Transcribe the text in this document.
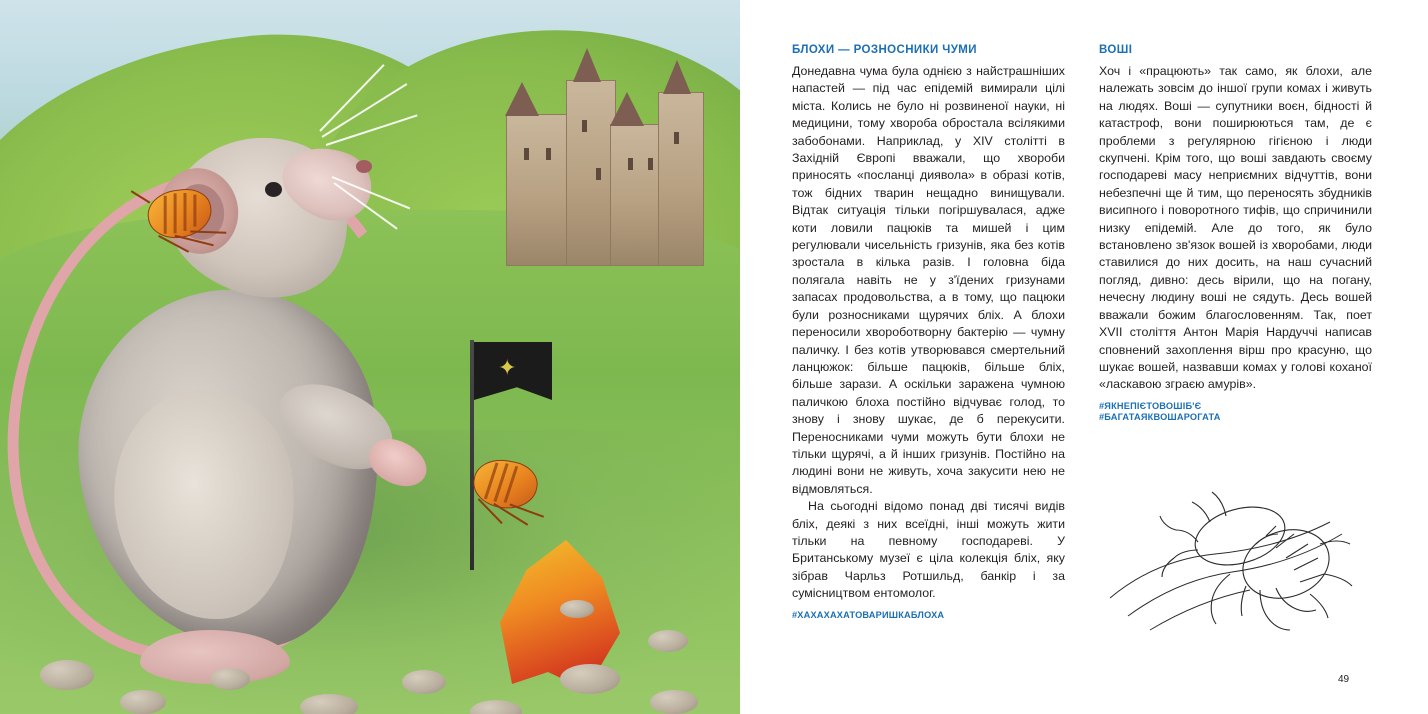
✦
БЛОХИ — РОЗНОСНИКИ ЧУМИ

Донедавна чума була однією з найстрашніших напастей — під час епідемій вимирали цілі міста. Колись не було ні розвиненої науки, ні медицини, тому хвороба обростала всілякими забобонами. Наприклад, у XIV столітті в Західній Європі вважали, що хвороби приносять «посланці диявола» в образі котів, тож бідних тварин нещадно винищували. Відтак ситуація тільки погіршувалася, адже коти ловили пацюків та мишей і цим регулювали чисельність гризунів, яка без котів зростала в кілька разів. І головна біда полягала навіть не у з'їдених гризунами запасах продовольства, а в тому, що пацюки були розносниками щурячих бліх. А блохи переносили хвороботворну бактерію — чумну паличку. І без котів утворювався смертельний ланцюжок: більше пацюків, більше бліх, більше зарази. А оскільки заражена чумною паличкою блоха постійно відчуває голод, то знову і знову шукає, де б перекусити. Переносниками чуми можуть бути блохи не тільки щурячі, а й інших гризунів. Постійно на людині вони не живуть, хоча закусити нею не відмовляться.

На сьогодні відомо понад дві тисячі видів бліх, деякі з них всеїдні, інші можуть жити тільки на певному господареві. У Британському музеї є ціла колекція бліх, яку зібрав Чарльз Ротшильд, банкір і за сумісництвом ентомолог.

#ХАХАХАХАТОВАРИШКАБЛОХА
ВОШІ

Хоч і «працюють» так само, як блохи, але належать зовсім до іншої групи комах і живуть на людях. Воші — супутники воєн, бідності й катастроф, вони поширюються там, де є проблеми з регулярною гігієною і люди скупчені. Крім того, що воші завдають своєму господареві масу неприємних відчуттів, вони небезпечні ще й тим, що переносять збудників висипного і поворотного тифів, що спричинили низку епідемій. Але до того, як було встановлено зв'язок вошей із хворобами, люди ставилися до них досить, на наш сучасний погляд, дивно: десь вірили, що на погану, нечесну людину воші не сядуть. Десь вошей вважали божим благословенням. Так, поет XVII століття Антон Марія Нардуччі написав сповнений захоплення вірш про красуню, що шукає вошей, назвавши комах у голові коханої «ласкавою зграєю амурів».

#ЯКНЕПІЄТОВОШІБ'Є
#БАГАТАЯКВОШАРОГАТА
49
